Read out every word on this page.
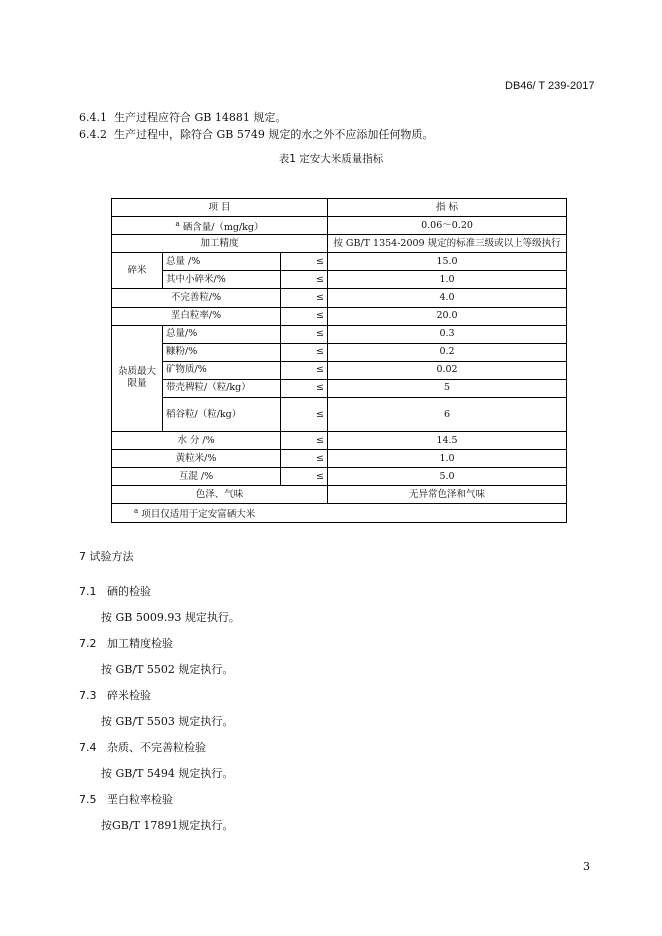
DB46/ T 239-2017
6.4.1 生产过程应符合 GB 14881 规定。
6.4.2 生产过程中，除符合 GB 5749 规定的水之外不应添加任何物质。
表1 定安大米质量指标
项 目			指 标
$^a$ 硒含量/（mg/kg）			0.06～0.20
加工精度			按 GB/T 1354-2009 规定的标准三级或以上等级执行
碎米	总量 /%	≤	15.0
	其中小碎米/%	≤	1.0
不完善粒/%		≤	4.0
垩白粒率/%		≤	20.0
杂质最大限量	总量/%	≤	0.3
	糠粉/%	≤	0.2
	矿物质/%	≤	0.02
	带壳稗粒/（粒/kg）	≤	5
	稻谷粒/（粒/kg）	≤	6
水 分 /%		≤	14.5
黄粒米/%		≤	1.0
互混 /%		≤	5.0
色泽、气味			无异常色泽和气味
$^a$ 项目仅适用于定安富硒大米			
7 试验方法
7.1 硒的检验
按 GB 5009.93 规定执行。
7.2 加工精度检验
按 GB/T 5502 规定执行。
7.3 碎米检验
按 GB/T 5503 规定执行。
7.4 杂质、不完善粒检验
按 GB/T 5494 规定执行。
7.5 垩白粒率检验
按GB/T 17891规定执行。
3
